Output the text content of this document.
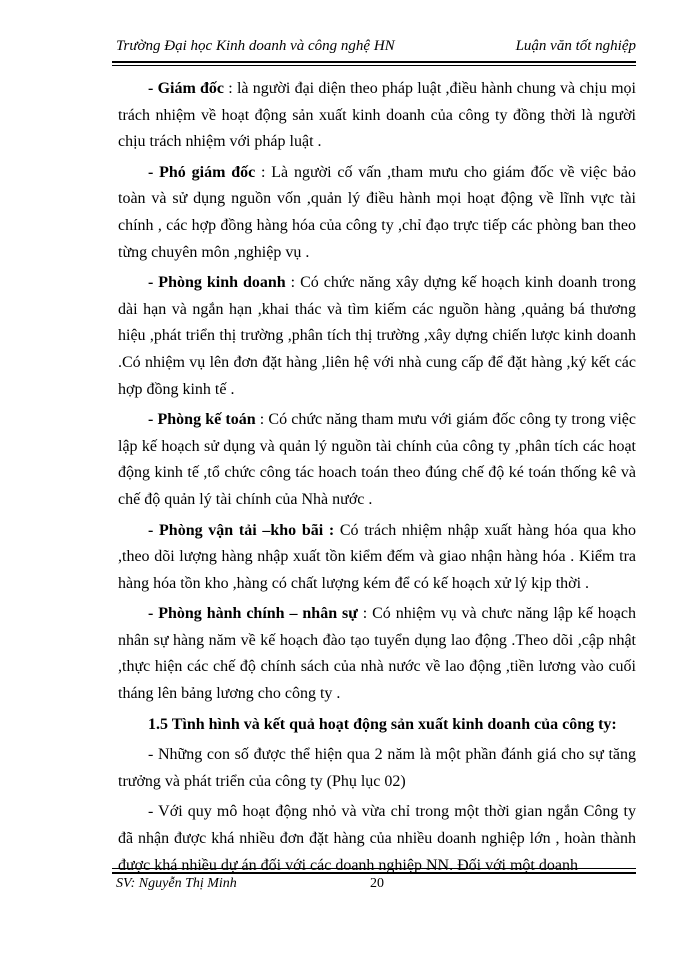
Trường Đại học Kinh doanh và công nghệ HN	Luận văn tốt nghiệp

- Giám đốc : là người đại diện theo pháp luật ,điều hành chung và chịu mọi trách nhiệm về hoạt động sản xuất kinh doanh của công ty đồng thời là người chịu trách nhiệm với pháp luật .

- Phó giám đốc : Là người cố vấn ,tham mưu cho giám đốc về việc bảo toàn và sử dụng nguồn vốn ,quản lý điều hành mọi hoạt động về lĩnh vực tài chính , các hợp đồng hàng hóa của công ty ,chỉ đạo trực tiếp các phòng ban theo từng chuyên môn ,nghiệp vụ .

- Phòng kinh doanh : Có chức năng xây dựng kế hoạch kinh doanh trong dài hạn và ngắn hạn ,khai thác và tìm kiếm các nguồn hàng ,quảng bá thương hiệu ,phát triển thị trường ,phân tích thị trường ,xây dựng chiến lược kinh doanh .Có nhiệm vụ lên đơn đặt hàng ,liên hệ với nhà cung cấp để đặt hàng ,ký kết các hợp đồng kinh tế .

- Phòng kế toán : Có chức năng tham mưu với giám đốc công ty trong việc lập kế hoạch sử dụng và quản lý nguồn tài chính của công ty ,phân tích các hoạt động kinh tế ,tổ chức công tác hoach toán theo đúng chế độ ké toán thống kê và chế độ quản lý tài chính của Nhà nước .

- Phòng vận tải –kho bãi : Có trách nhiệm nhập xuất hàng hóa qua kho ,theo dõi lượng hàng nhập xuất tồn kiểm đếm và giao nhận hàng hóa . Kiểm tra hàng hóa tồn kho ,hàng có chất lượng kém để có kế hoạch xử lý kịp thời .

- Phòng hành chính – nhân sự : Có nhiệm vụ và chưc năng lập kế hoạch nhân sự hàng năm về kế hoạch đào tạo tuyển dụng lao động .Theo dõi ,cập nhật ,thực hiện các chế độ chính sách của nhà nước về lao động ,tiền lương vào cuối tháng lên bảng lương cho công ty .

1.5 Tình hình và kết quả hoạt động sản xuất kinh doanh của công ty:

- Những con số được thể hiện qua 2 năm là một phần đánh giá cho sự tăng trưởng và phát triển của công ty (Phụ lục 02)

- Với quy mô hoạt động nhỏ và vừa chỉ trong một thời gian ngắn Công ty đã nhận được khá nhiều đơn đặt hàng của nhiều doanh nghiệp lớn , hoàn thành được khá nhiều dự án đối với các doanh nghiệp NN. Đối với một doanh

SV: Nguyễn Thị Minh	20
